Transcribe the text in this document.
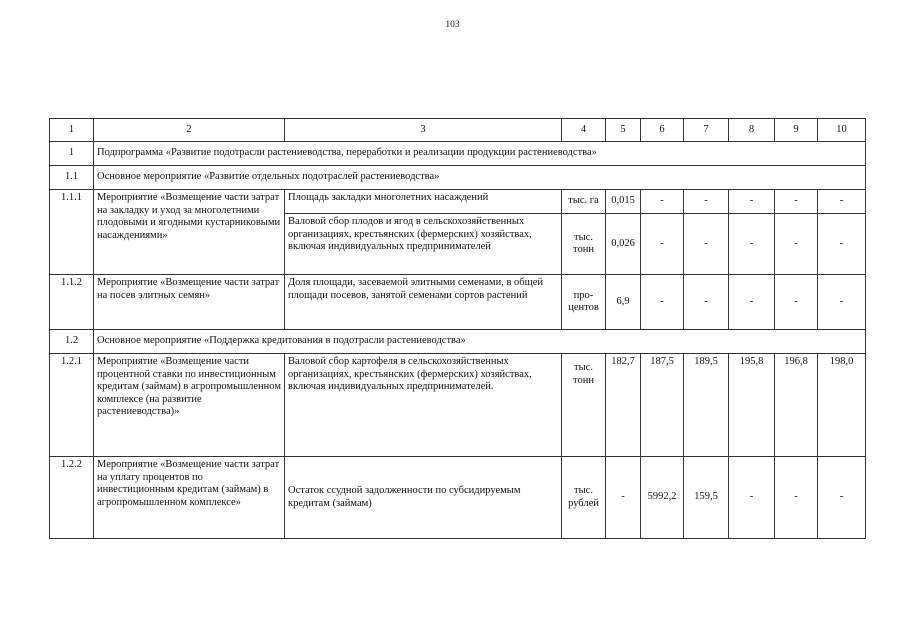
103
1	2	3	4	5	6	7	8	9	10
1	Подпрограмма «Развитие подотрасли растениеводства, переработки и реализации продукции растениеводства»								
1.1	Основное мероприятие «Развитие отдельных подотраслей растениеводства»								
1.1.1	Мероприятие «Возмещение части затрат на закладку и уход за многолетними плодовыми и ягодными кустарниковыми насаждениями»	Площадь закладки многолетних насаждений	тыс. га	0,015	-	-	-	-	-
		Валовой сбор плодов и ягод в сельскохозяйственных организациях, крестьянских (фермерских) хозяйствах, включая индивидуальных предпринимателей	тыс. тонн	0,026	-	-	-	-	-
1.1.2	Мероприятие «Возмещение части затрат на посев элитных семян»	Доля площади, засеваемой элитными семенами, в общей площади посевов, занятой семенами сортов растений	про-центов	6,9	-	-	-	-	-
1.2	Основное мероприятие «Поддержка кредитования в подотрасли растениеводства»								
1.2.1	Мероприятие «Возмещение части процентной ставки по инвестиционным кредитам (займам) в агропромышленном комплексе (на развитие растениеводства)»	Валовой сбор картофеля в сельскохозяйственных организациях, крестьянских (фермерских) хозяйствах, включая индивидуальных предпринимателей.	тыс. тонн	182,7	187,5	189,5	195,8	196,8	198,0
1.2.2	Мероприятие «Возмещение части затрат на уплату процентов по инвестиционным кредитам (займам) в агропромышленном комплексе»	Остаток ссудной задолженности по субсидируемым кредитам (займам)	тыс. рублей	-	5992,2	159,5	-	-	-
